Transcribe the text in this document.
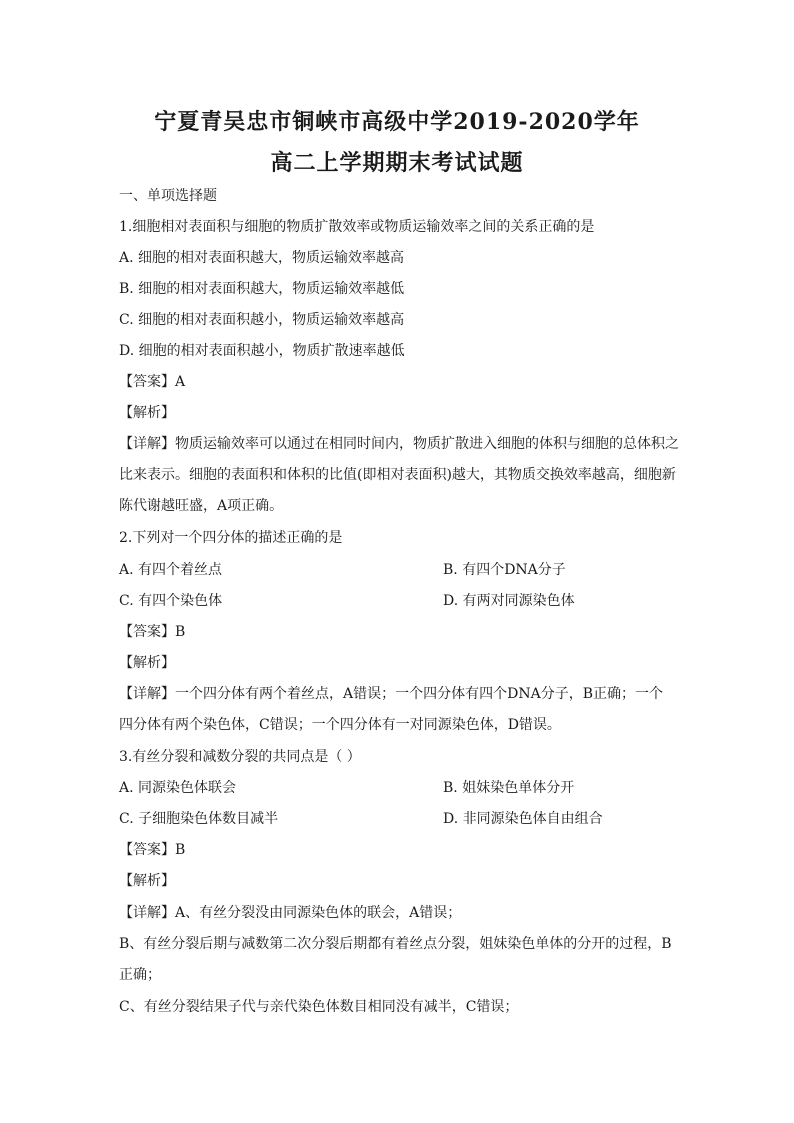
宁夏青吴忠市铜峡市高级中学2019-2020学年
高二上学期期末考试试题
一、单项选择题
1.细胞相对表面积与细胞的物质扩散效率或物质运输效率之间的关系正确的是
A. 细胞的相对表面积越大，物质运输效率越高
B. 细胞的相对表面积越大，物质运输效率越低
C. 细胞的相对表面积越小，物质运输效率越高
D. 细胞的相对表面积越小，物质扩散速率越低
【答案】A
【解析】
【详解】物质运输效率可以通过在相同时间内，物质扩散进入细胞的体积与细胞的总体积之
比来表示。细胞的表面积和体积的比值(即相对表面积)越大，其物质交换效率越高，细胞新
陈代谢越旺盛，A项正确。
2.下列对一个四分体的描述正确的是
A. 有四个着丝点	B. 有四个DNA分子
C. 有四个染色体	D. 有两对同源染色体
【答案】B
【解析】
【详解】一个四分体有两个着丝点，A错误；一个四分体有四个DNA分子，B正确；一个
四分体有两个染色体，C错误；一个四分体有一对同源染色体，D错误。
3.有丝分裂和减数分裂的共同点是（ ）
A. 同源染色体联会	B. 姐妹染色单体分开
C. 子细胞染色体数目减半	D. 非同源染色体自由组合
【答案】B
【解析】
【详解】A、有丝分裂没由同源染色体的联会，A错误；
B、有丝分裂后期与减数第二次分裂后期都有着丝点分裂，姐妹染色单体的分开的过程，B
正确；
C、有丝分裂结果子代与亲代染色体数目相同没有减半，C错误；
